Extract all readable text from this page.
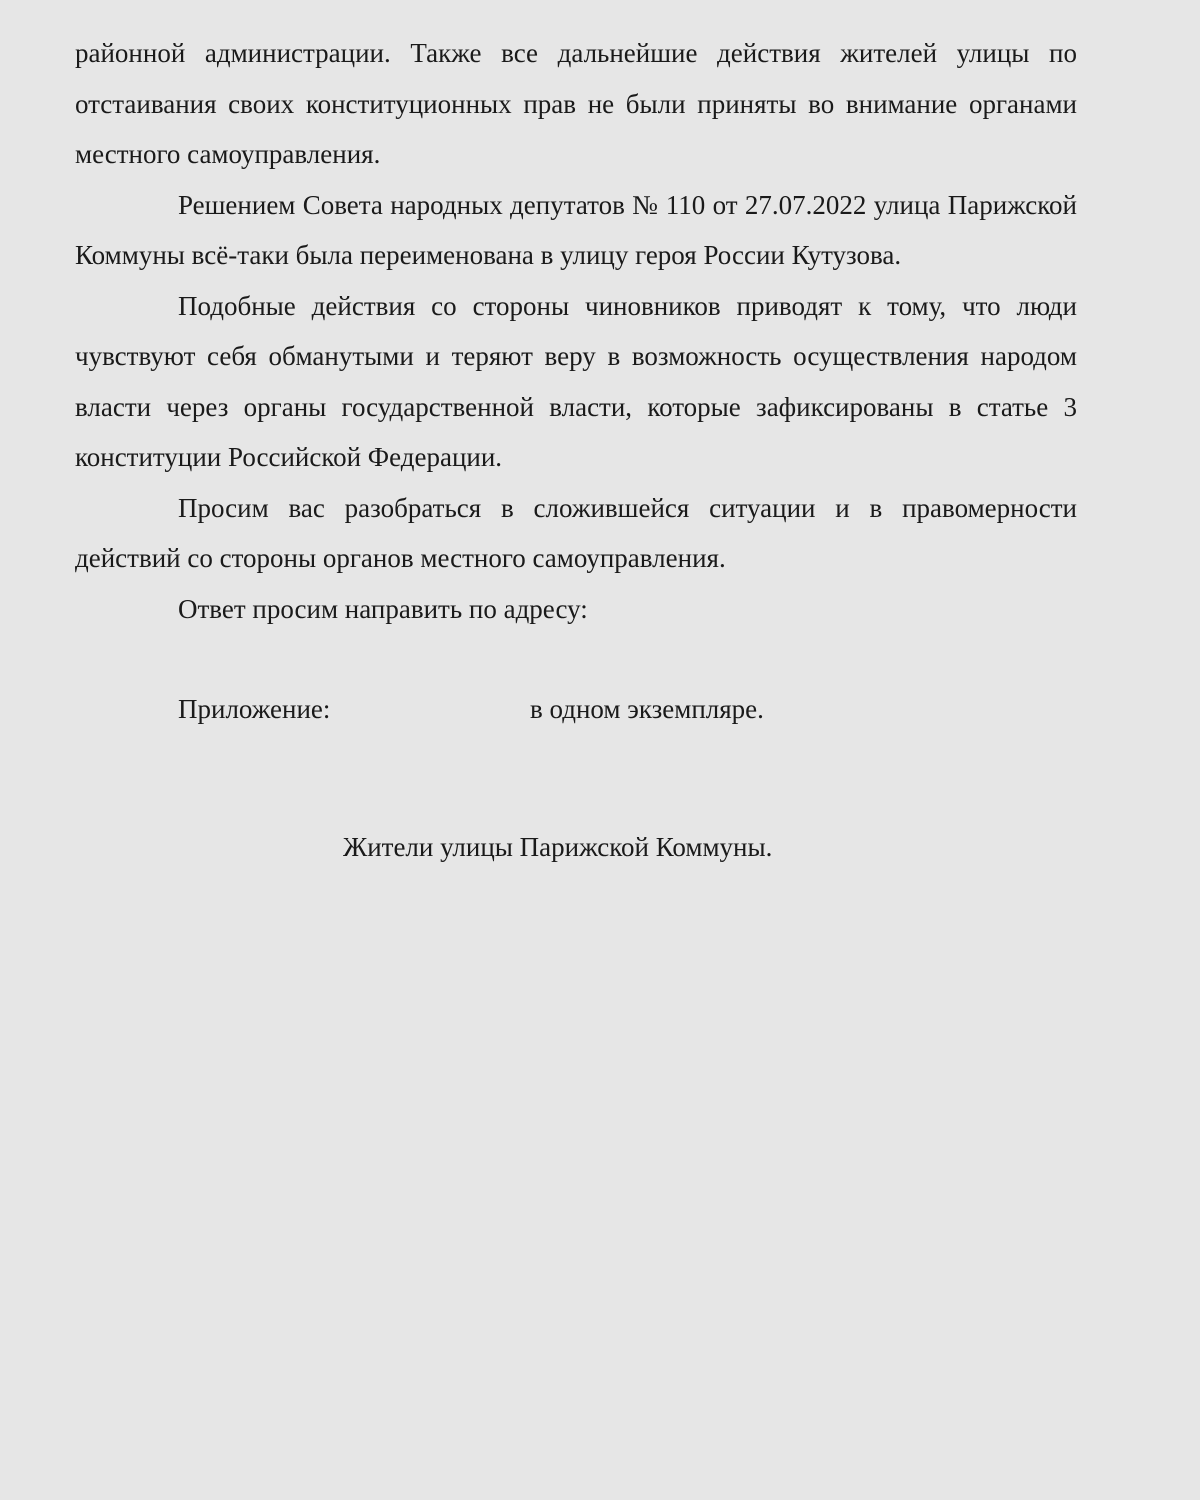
районной администрации. Также все дальнейшие действия жителей улицы по отстаивания своих конституционных прав не были приняты во внимание органами местного самоуправления.

Решением Совета народных депутатов № 110 от 27.07.2022 улица Парижской Коммуны всё-таки была переименована в улицу героя России Кутузова.

Подобные действия со стороны чиновников приводят к тому, что люди чувствуют себя обманутыми и теряют веру в возможность осуществления народом власти через органы государственной власти, которые зафиксированы в статье 3 конституции Российской Федерации.

Просим вас разобраться в сложившейся ситуации и в правомерности действий со стороны органов местного самоуправления.

Ответ просим направить по адресу:

Приложение:	в одном экземпляре.
Жители улицы Парижской Коммуны.
